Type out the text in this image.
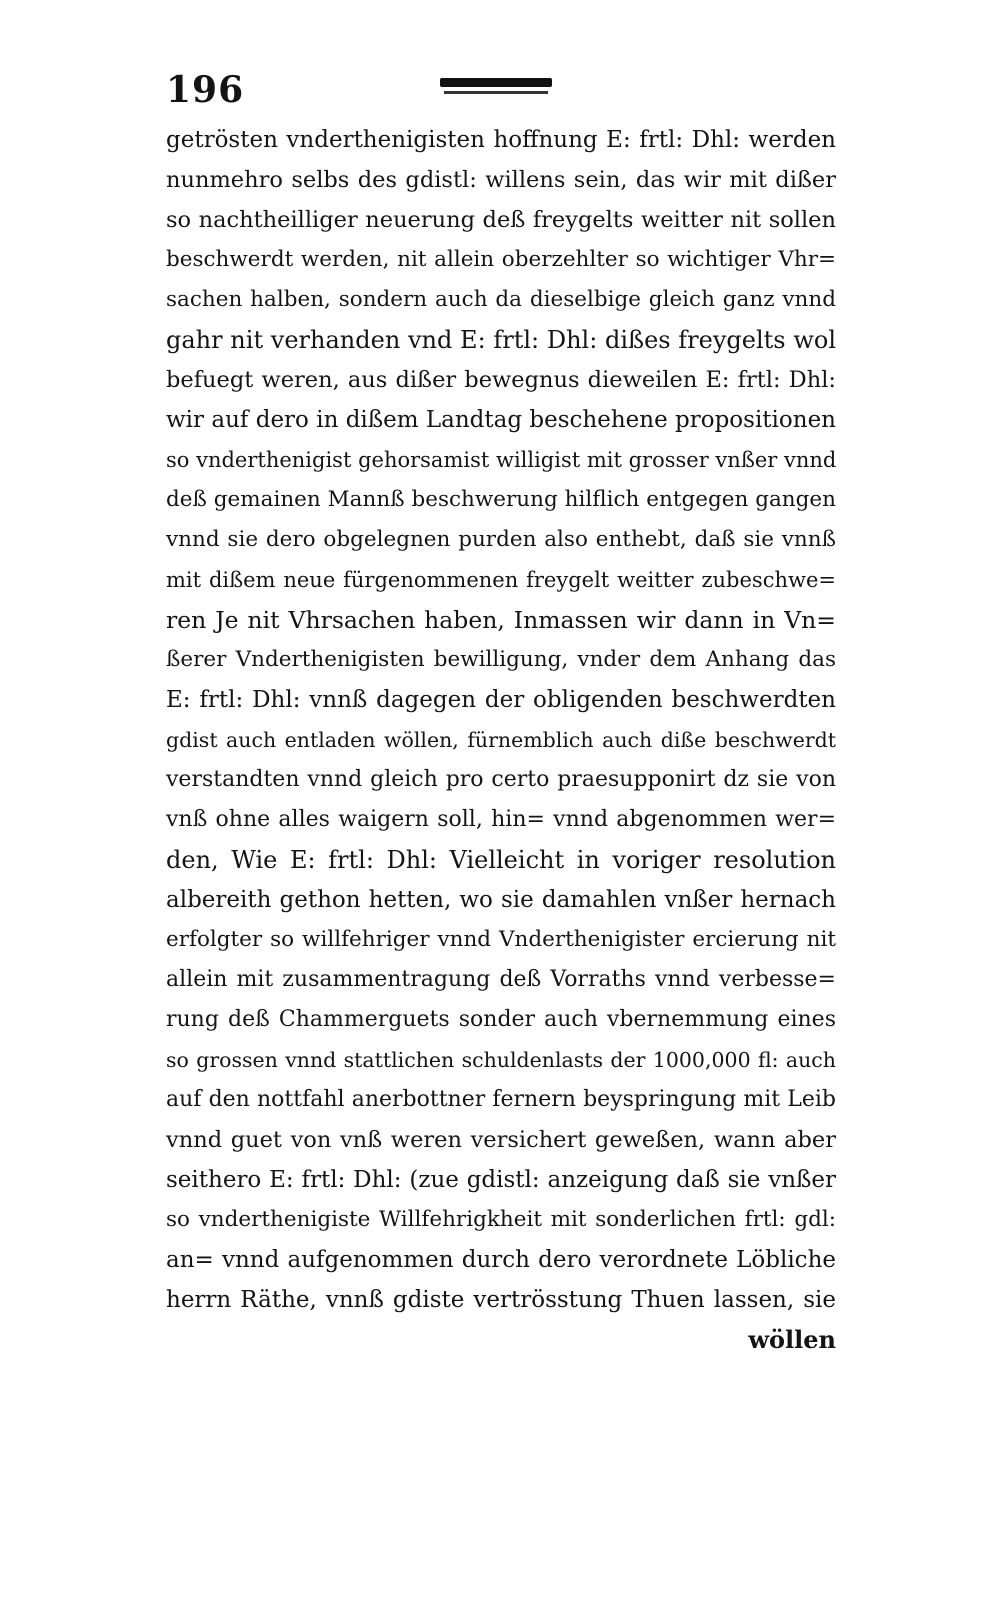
196
getrösten vnderthenigisten hoffnung E: frtl: Dhl: werden
nunmehro selbs des gdistl: willens sein, das wir mit dißer
so nachtheilliger neuerung deß freygelts weitter nit sollen
beschwerdt werden, nit allein oberzehlter so wichtiger Vhr=
sachen halben, sondern auch da dieselbige gleich ganz vnnd
gahr nit verhanden vnd E: frtl: Dhl: dißes freygelts wol
befuegt weren, aus dißer bewegnus dieweilen E: frtl: Dhl:
wir auf dero in dißem Landtag beschehene propositionen
so vnderthenigist gehorsamist willigist mit grosser vnßer vnnd
deß gemainen Mannß beschwerung hilflich entgegen gangen
vnnd sie dero obgelegnen purden also enthebt, daß sie vnnß
mit dißem neue fürgenommenen freygelt weitter zubeschwe=
ren Je nit Vhrsachen haben, Inmassen wir dann in Vn=
ßerer Vnderthenigisten bewilligung, vnder dem Anhang das
E: frtl: Dhl: vnnß dagegen der obligenden beschwerdten
gdist auch entladen wöllen, fürnemblich auch diße beschwerdt
verstandten vnnd gleich pro certo praesupponirt dz sie von
vnß ohne alles waigern soll, hin= vnnd abgenommen wer=
den, Wie E: frtl: Dhl: Vielleicht in voriger resolution
albereith gethon hetten, wo sie damahlen vnßer hernach
erfolgter so willfehriger vnnd Vnderthenigister ercierung nit
allein mit zusammentragung deß Vorraths vnnd verbesse=
rung deß Chammerguets sonder auch vbernemmung eines
so grossen vnnd stattlichen schuldenlasts der 1000,000 fl: auch
auf den nottfahl anerbottner fernern beyspringung mit Leib
vnnd guet von vnß weren versichert geweßen, wann aber
seithero E: frtl: Dhl: (zue gdistl: anzeigung daß sie vnßer
so vnderthenigiste Willfehrigkheit mit sonderlichen frtl: gdl:
an= vnnd aufgenommen durch dero verordnete Löbliche
herrn Räthe, vnnß gdiste vertrösstung Thuen lassen, sie
wöllen
